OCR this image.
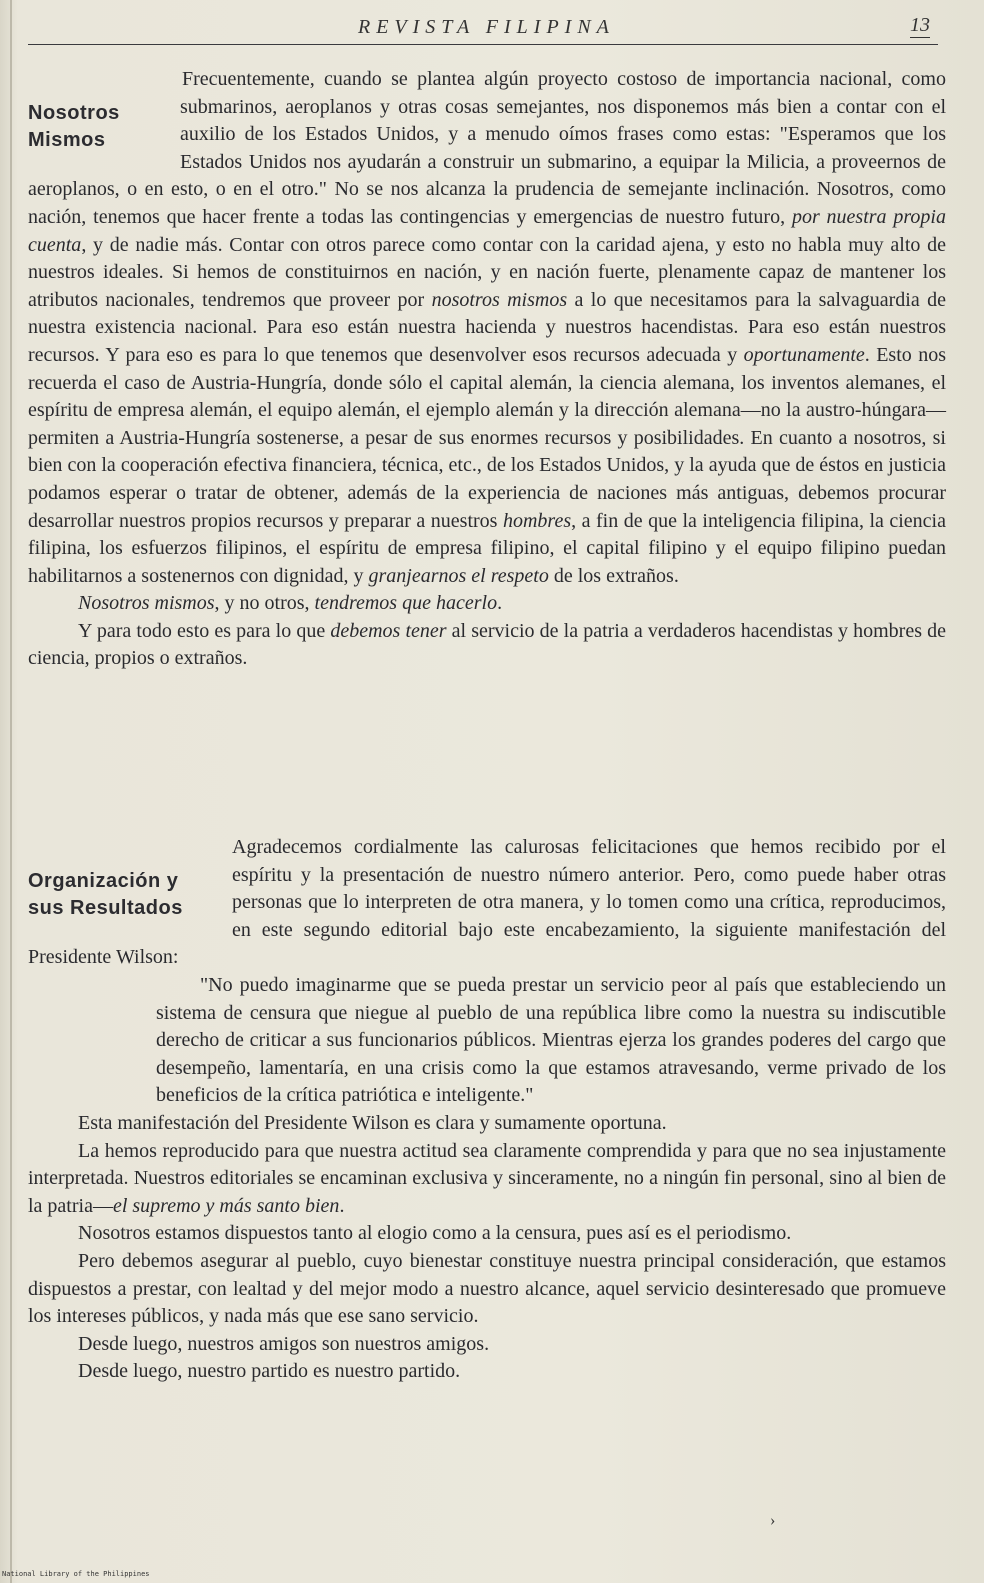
REVISTA FILIPINA	13
Nosotros
Mismos

Frecuentemente, cuando se plantea algún proyecto costoso de importancia nacional, como submarinos, aeroplanos y otras cosas semejantes, nos disponemos más bien a contar con el auxilio de los Estados Unidos, y a menudo oímos frases como estas: "Esperamos que los Estados Unidos nos ayudarán a construir un submarino, a equipar la Milicia, a proveernos de aeroplanos, o en esto, o en el otro." No se nos alcanza la prudencia de semejante inclinación. Nosotros, como nación, tenemos que hacer frente a todas las contingencias y emergencias de nuestro futuro, por nuestra propia cuenta, y de nadie más. Contar con otros parece como contar con la caridad ajena, y esto no habla muy alto de nuestros ideales. Si hemos de constituirnos en nación, y en nación fuerte, plenamente capaz de mantener los atributos nacionales, tendremos que proveer por nosotros mismos a lo que necesitamos para la salvaguardia de nuestra existencia nacional. Para eso están nuestra hacienda y nuestros hacendistas. Para eso están nuestros recursos. Y para eso es para lo que tenemos que desenvolver esos recursos adecuada y oportunamente. Esto nos recuerda el caso de Austria-Hungría, donde sólo el capital alemán, la ciencia alemana, los inventos alemanes, el espíritu de empresa alemán, el equipo alemán, el ejemplo alemán y la dirección alemana—no la austro-húngara—permiten a Austria-Hungría sostenerse, a pesar de sus enormes recursos y posibilidades. En cuanto a nosotros, si bien con la cooperación efectiva financiera, técnica, etc., de los Estados Unidos, y la ayuda que de éstos en justicia podamos esperar o tratar de obtener, además de la experiencia de naciones más antiguas, debemos procurar desarrollar nuestros propios recursos y preparar a nuestros hombres, a fin de que la inteligencia filipina, la ciencia filipina, los esfuerzos filipinos, el espíritu de empresa filipino, el capital filipino y el equipo filipino puedan habilitarnos a sostenernos con dignidad, y granjearnos el respeto de los extraños.

Nosotros mismos, y no otros, tendremos que hacerlo.

Y para todo esto es para lo que debemos tener al servicio de la patria a verdaderos hacendistas y hombres de ciencia, propios o extraños.

Organización y
sus Resultados

Agradecemos cordialmente las calurosas felicitaciones que hemos recibido por el espíritu y la presentación de nuestro número anterior. Pero, como puede haber otras personas que lo interpreten de otra manera, y lo tomen como una crítica, reproducimos, en este segundo editorial bajo este encabezamiento, la siguiente manifestación del Presidente Wilson:

"No puedo imaginarme que se pueda prestar un servicio peor al país que estableciendo un sistema de censura que niegue al pueblo de una república libre como la nuestra su indiscutible derecho de criticar a sus funcionarios públicos. Mientras ejerza los grandes poderes del cargo que desempeño, lamentaría, en una crisis como la que estamos atravesando, verme privado de los beneficios de la crítica patriótica e inteligente."

Esta manifestación del Presidente Wilson es clara y sumamente oportuna.

La hemos reproducido para que nuestra actitud sea claramente comprendida y para que no sea injustamente interpretada. Nuestros editoriales se encaminan exclusiva y sinceramente, no a ningún fin personal, sino al bien de la patria—el supremo y más santo bien.

Nosotros estamos dispuestos tanto al elogio como a la censura, pues así es el periodismo.

Pero debemos asegurar al pueblo, cuyo bienestar constituye nuestra principal consideración, que estamos dispuestos a prestar, con lealtad y del mejor modo a nuestro alcance, aquel servicio desinteresado que promueve los intereses públicos, y nada más que ese sano servicio.

Desde luego, nuestros amigos son nuestros amigos.

Desde luego, nuestro partido es nuestro partido.

›
National Library of the Philippines
